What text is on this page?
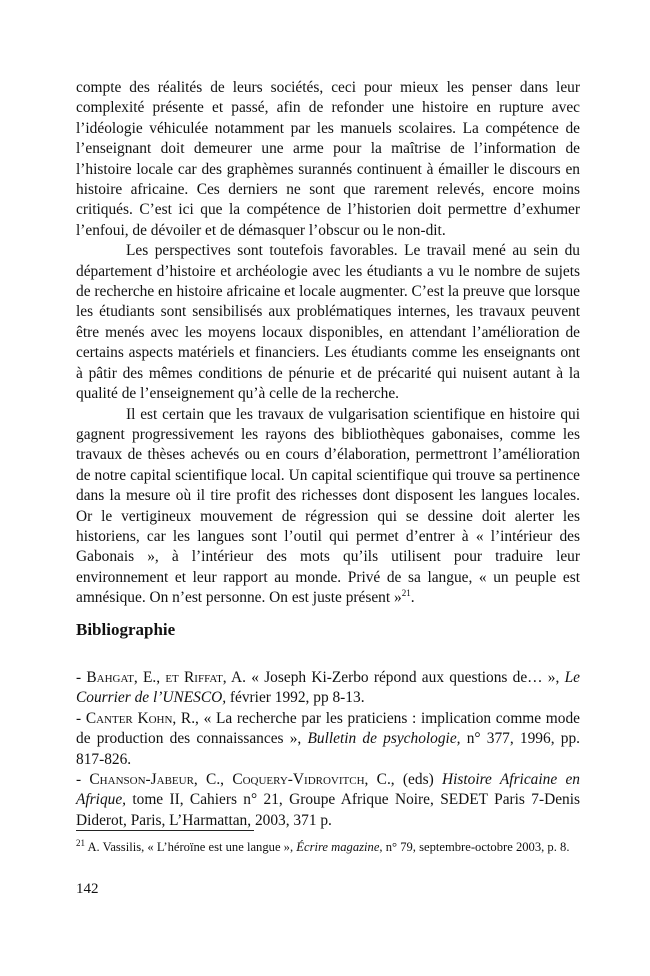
compte des réalités de leurs sociétés, ceci pour mieux les penser dans leur complexité présente et passé, afin de refonder une histoire en rupture avec l’idéologie véhiculée notamment par les manuels scolaires. La compétence de l’enseignant doit demeurer une arme pour la maîtrise de l’information de l’histoire locale car des graphèmes surannés continuent à émailler le discours en histoire africaine. Ces derniers ne sont que rarement relevés, encore moins critiqués. C’est ici que la compétence de l’historien doit permettre d’exhumer l’enfoui, de dévoiler et de démasquer l’obscur ou le non-dit.

Les perspectives sont toutefois favorables. Le travail mené au sein du département d’histoire et archéologie avec les étudiants a vu le nombre de sujets de recherche en histoire africaine et locale augmenter. C’est la preuve que lorsque les étudiants sont sensibilisés aux problématiques internes, les travaux peuvent être menés avec les moyens locaux disponibles, en attendant l’amélioration de certains aspects matériels et financiers. Les étudiants comme les enseignants ont à pâtir des mêmes conditions de pénurie et de précarité qui nuisent autant à la qualité de l’enseignement qu’à celle de la recherche.

Il est certain que les travaux de vulgarisation scientifique en histoire qui gagnent progressivement les rayons des bibliothèques gabonaises, comme les travaux de thèses achevés ou en cours d’élaboration, permettront l’amélioration de notre capital scientifique local. Un capital scientifique qui trouve sa pertinence dans la mesure où il tire profit des richesses dont disposent les langues locales. Or le vertigineux mouvement de régression qui se dessine doit alerter les historiens, car les langues sont l’outil qui permet d’entrer à « l’intérieur des Gabonais », à l’intérieur des mots qu’ils utilisent pour traduire leur environnement et leur rapport au monde. Privé de sa langue, « un peuple est amnésique. On n’est personne. On est juste présent »$^{21}$.

Bibliographie

- Bahgat, E., et Riffat, A. « Joseph Ki-Zerbo répond aux questions de… », Le Courrier de l’UNESCO, février 1992, pp 8-13.

- Canter Kohn, R., « La recherche par les praticiens : implication comme mode de production des connaissances », Bulletin de psychologie, n° 377, 1996, pp. 817-826.

- Chanson-Jabeur, C., Coquery-Vidrovitch, C., (eds) Histoire Africaine en Afrique, tome II, Cahiers n° 21, Groupe Afrique Noire, SEDET Paris 7-Denis Diderot, Paris, L’Harmattan, 2003, 371 p.

$^{21}$ A. Vassilis, « L’héroïne est une langue », Écrire magazine, n° 79, septembre-octobre 2003, p. 8.

142
